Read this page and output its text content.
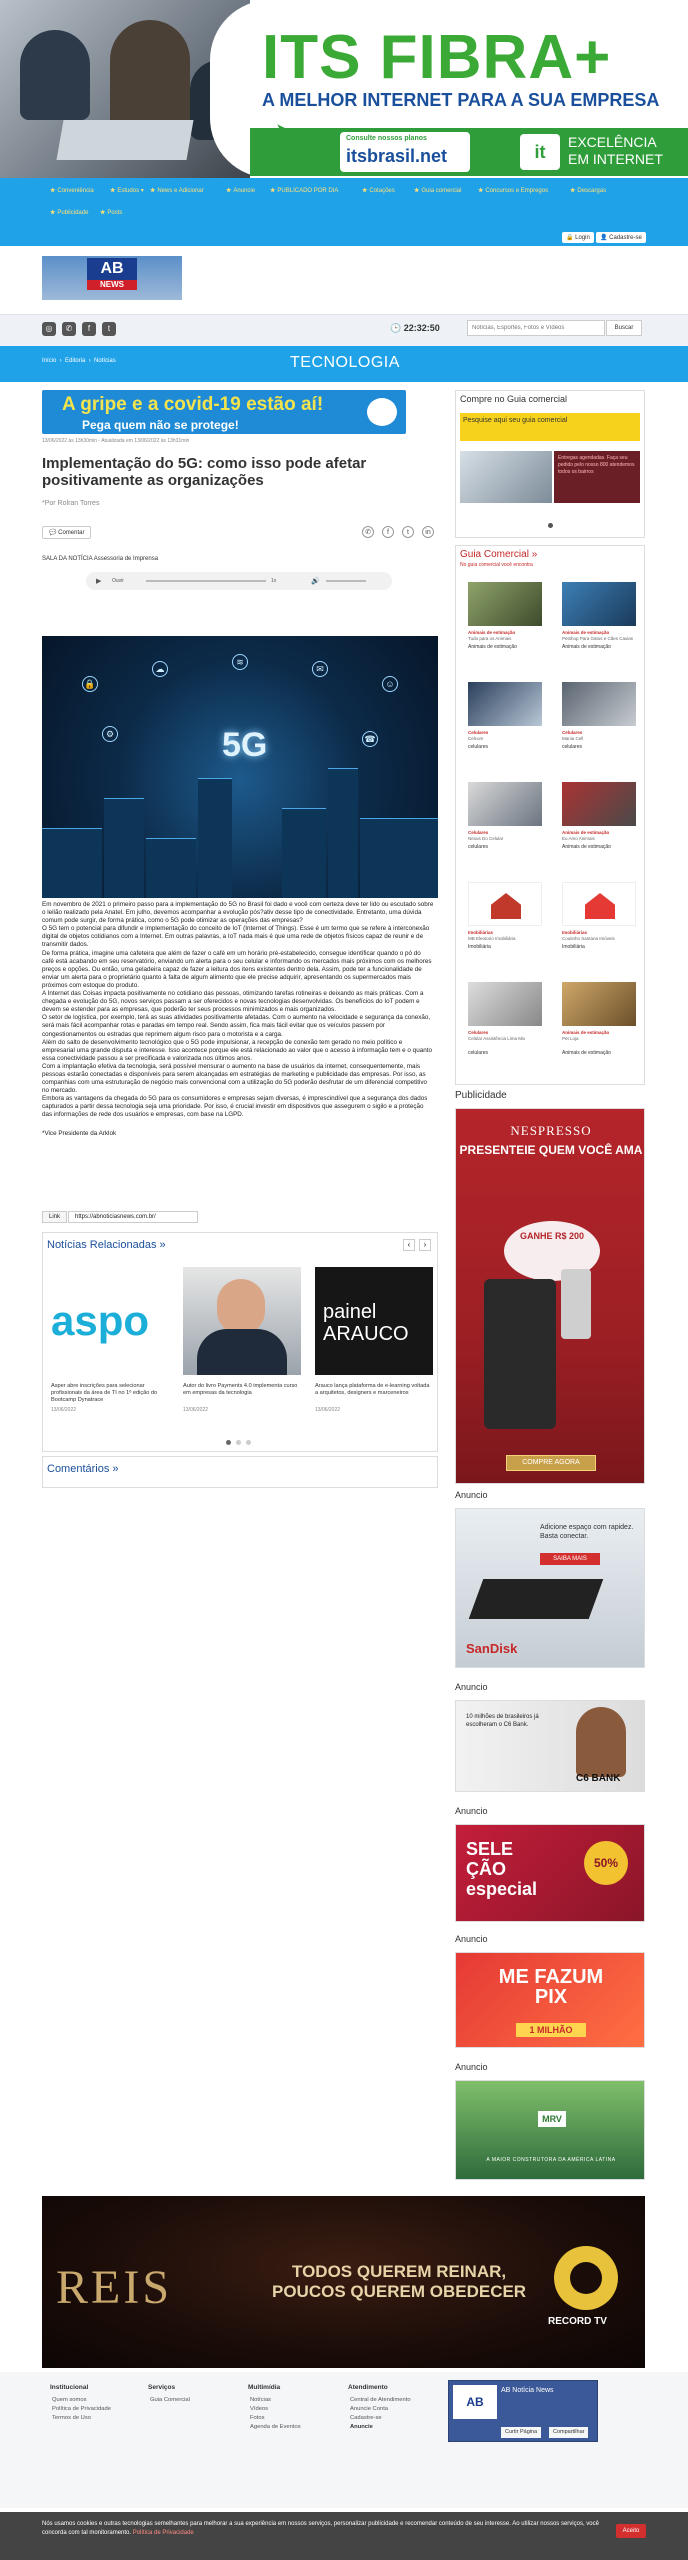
ITS FIBRA+
A MELHOR INTERNET PARA A SUA EMPRESA
➤	Consulte nossos planos
itsbrasil.net	it	EXCELÊNCIA
EM INTERNET
★ Conveniência	★ Estudos ▾ ★ News e Adicionar	★ Anuncie ★ PUBLICADO POR DIA	★ Cotações	★ Guia comercial	★ Concursos e Empregos	★ Descargas
★ Publicidade ★ Posts
🔒 Login	👤 Cadastre-se
AB
NEWS
◎	✆	f	t	🕒 22:32:50
Notícias, Esportes, Fotos e Vídeos	Buscar
Início  ›  Editoria  ›  Notícias	TECNOLOGIA
A gripe e a covid-19 estão aí!
Pega quem não se protege!
13/06/2022 às 13h30min - Atualizada em 13/06/2022 às 13h31min
Implementação do 5G: como isso pode afetar positivamente as organizações
*Por Rolran Torres
💬 Comentar	✆	f	t	in
SALA DA NOTÍCIA Assessoria de Imprensa
▶ Ouvir	1x	🔊
5G
🔒
☁
≋
✉
☺
⚙	☎

Em novembro de 2021 o primeiro passo para a implementação do 5G no Brasil foi dado e você com certeza deve ter lido ou escutado sobre o leilão realizado pela Anatel. Em julho, devemos acompanhar a evolução pós?ativ desse tipo de conectividade. Entretanto, uma dúvida comum pode surgir, de forma prática, como o 5G pode otimizar as operações das empresas?

O 5G tem o potencial para difundir e implementação do conceito de IoT (Internet of Things). Esse é um termo que se refere à interconexão digital de objetos cotidianos com a Internet. Em outras palavras, a IoT nada mais é que uma rede de objetos físicos capaz de reunir e de transmitir dados.

De forma prática, imagine uma cafeteira que além de fazer o café em um horário pré-estabelecido, consegue identificar quando o pó do café está acabando em seu reservatório, enviando um alerta para o seu celular e informando os mercados mais próximos com os melhores preços e opções. Ou então, uma geladeira capaz de fazer a leitura dos itens existentes dentro dela. Assim, pode ter a funcionalidade de enviar um alerta para o proprietário quanto à falta de algum alimento que ele precise adquirir, apresentando os supermercados mais próximos com estoque do produto.

A Internet das Coisas impacta positivamente no cotidiano das pessoas, otimizando tarefas rotineiras e deixando as mais práticas. Com a chegada e evolução do 5G, novos serviços passam a ser oferecidos e novas tecnologias desenvolvidas. Os benefícios do IoT podem e devem se estender para as empresas, que poderão ter seus processos minimizados e mais organizados.

O setor de logística, por exemplo, terá as suas atividades positivamente afetadas. Com o aumento na velocidade e segurança da conexão, será mais fácil acompanhar rotas e paradas em tempo real. Sendo assim, fica mais fácil evitar que os veículos passem por congestionamentos ou estradas que reprimem algum risco para o motorista e a carga.

Além do salto de desenvolvimento tecnológico que o 5G pode impulsionar, a recepção de conexão tem gerado no meio político e empresarial uma grande disputa e interesse. Isso acontece porque ele está relacionado ao valor que o acesso à informação tem e o quanto essa conectividade passou a ser precificada e valorizada nos últimos anos.

Com a implantação efetiva da tecnologia, será possível mensurar o aumento na base de usuários da internet, consequentemente, mais pessoas estarão conectadas e disponíveis para serem alcançadas em estratégias de marketing e publicidade das empresas. Por isso, as companhias com uma estruturação de negócio mais convencional com a utilização do 5G poderão desfrutar de um diferencial competitivo no mercado.

Embora as vantagens da chegada do 5G para os consumidores e empresas sejam diversas, é imprescindível que a segurança dos dados capturados a partir dessa tecnologia seja uma prioridade. Por isso, é crucial investir em dispositivos que assegurem o sigilo e a proteção das informações de rede dos usuários e empresas, com base na LGPD.

*Vice Presidente da Arklok

Link	https://abnoticiasnews.com.br/
Notícias Relacionadas »	‹	›
aspo	painel ARAUCO
Asper abre inscrições para selecionar profissionais da área de TI no 1º edição do Bootcamp Dynatrace
Autor do livro Payments 4.0 implementa curso em empresas da tecnologia
Arauco lança plataforma de e-learning voltada a arquitetos, designers e marceneiros
13/06/2022	13/06/2022	13/06/2022
Comentários »
Compre no Guia comercial
Pesquise aqui seu guia comercial
Entregas agendadas. Faça seu pedido pelo nosso 800 atendemos todos os bairros
Guia Comercial »
No guia comercial você encontra
Animais de estimação	Animais de estimação
Tudo para os Animais	Petshop Para Gatos e Cães Caxias
Animais de estimação	Animais de estimação
Celulares	Celulares
Celcom	Mania Cell
celulares	celulares
Celulares	Animais de estimação
Nexus Do Celular	Eu Amo Animais
celulares	Animais de estimação
Imobiliárias	Imobiliárias
MB Eleotorio Imobiliária	Coutinho Santana Imóveis
Imobiliária	Imobiliária
Celulares	Animais de estimação
Celular Assistência Lima Mix	Pet Loja
celulares	Animais de estimação
Publicidade
NESPRESSO
PRESENTEIE QUEM VOCÊ AMA
GANHE R$ 200
COMPRE AGORA
Anuncio
Adicione espaço com rapidez. Basta conectar.
SAIBA MAIS
SanDisk
Anuncio
10 milhões de brasileiros já escolheram o C6 Bank.
C6 BANK
Anuncio
SELE ÇÃO especial
50%
Anuncio
ME FAZUM PIX
1 MILHÃO
Anuncio
MRV
A MAIOR CONSTRUTORA DA AMÉRICA LATINA
REIS	TODOS QUEREM REINAR,
POUCOS QUEREM OBEDECER
RECORD TV
Institucional
Quem somos
Política de Privacidade
Termos de Uso
Serviços
Guia Comercial
Multimídia
Notícias
Vídeos
Fotos
Agenda de Eventos
Atendimento
Central de Atendimento
Anuncie Conta
Cadastre-se
Anuncie
AB
AB Notícia News
Curtir Página	Compartilhar
Nós usamos cookies e outras tecnologias semelhantes para melhorar a sua experiência em nossos serviços, personalizar publicidade e recomendar conteúdo de seu interesse. Ao utilizar nossos serviços, você concorda com tal monitoramento. Política de Privacidade	Aceito
